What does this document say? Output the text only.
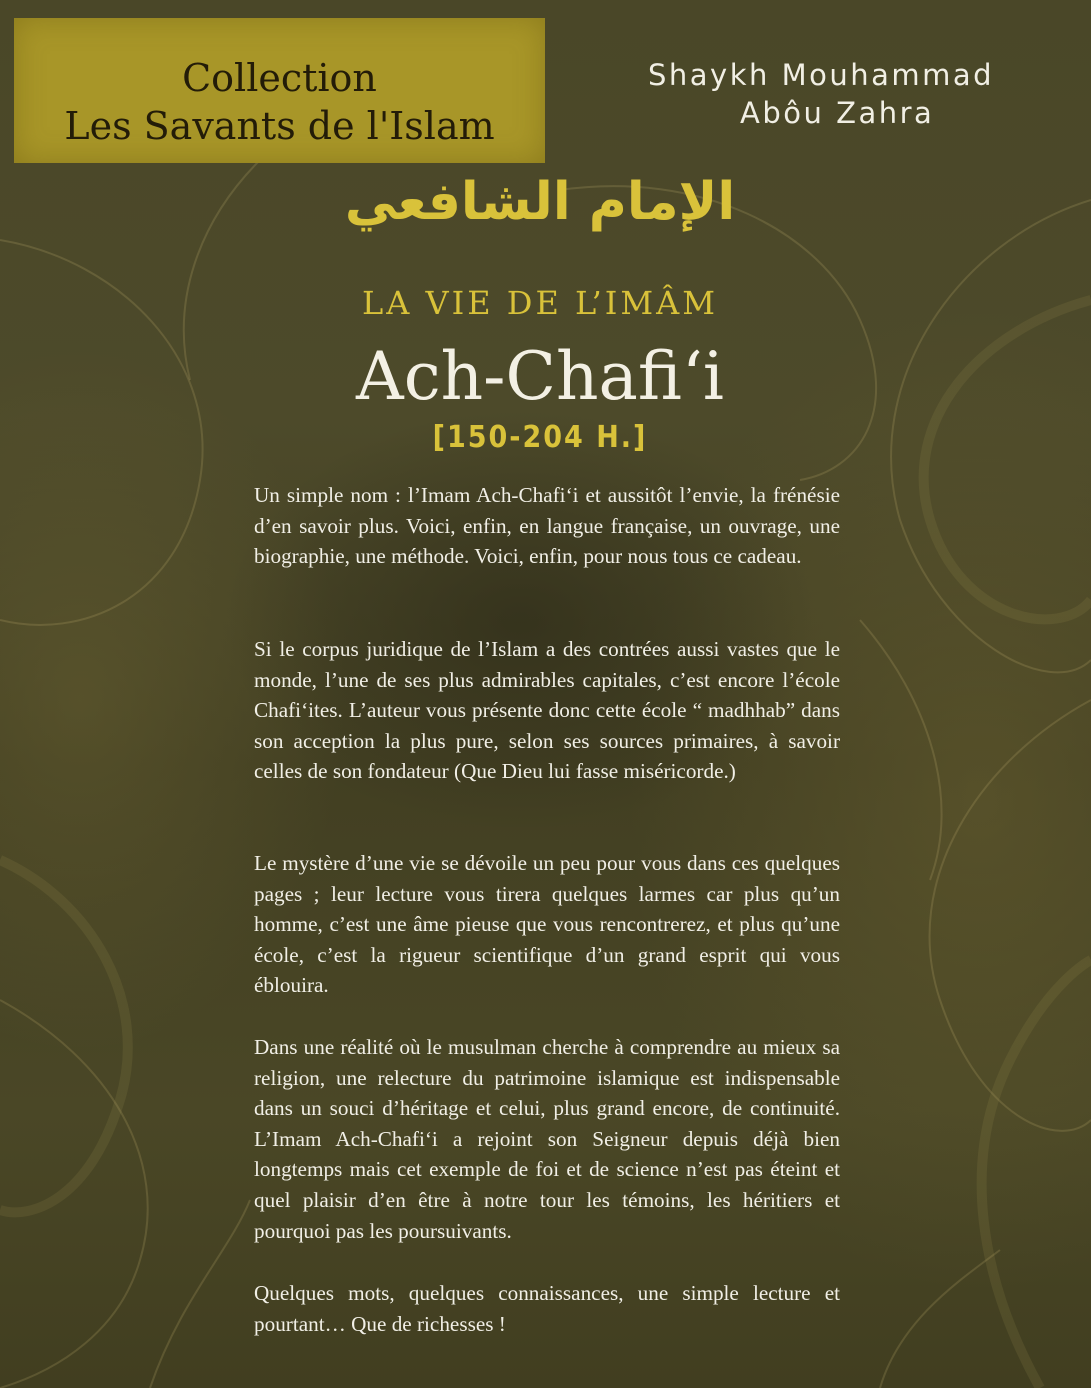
Collection
Les Savants de l'Islam
Shaykh Mouhammad
Abôu Zahra
الإمام الشافعي
LA VIE DE L’IMÂM
Ach-Chafi‘i
[150-204 H.]

Un simple nom : l’Imam Ach-Chafi‘i et aussitôt l’envie, la frénésie d’en savoir plus. Voici, enfin, en langue française, un ouvrage, une biographie, une méthode. Voici, enfin, pour nous tous ce cadeau.

Si le corpus juridique de l’Islam a des contrées aussi vastes que le monde, l’une de ses plus admirables capitales, c’est encore l’école Chafi‘ites. L’auteur vous présente donc cette école “ madhhab” dans son acception la plus pure, selon ses sources primaires, à savoir celles de son fondateur (Que Dieu lui fasse miséricorde.)

Le mystère d’une vie se dévoile un peu pour vous dans ces quelques pages ; leur lecture vous tirera quelques larmes car plus qu’un homme, c’est une âme pieuse que vous rencontrerez, et plus qu’une école, c’est la rigueur scientifique d’un grand esprit qui vous éblouira.

Dans une réalité où le musulman cherche à comprendre au mieux sa religion, une relecture du patrimoine islamique est indispensable dans un souci d’héritage et celui, plus grand encore, de continuité. L’Imam Ach-Chafi‘i a rejoint son Seigneur depuis déjà bien longtemps mais cet exemple de foi et de science n’est pas éteint et quel plaisir d’en être à notre tour les témoins, les héritiers et pourquoi pas les poursuivants.

Quelques mots, quelques connaissances, une simple lecture et pourtant… Que de richesses !
